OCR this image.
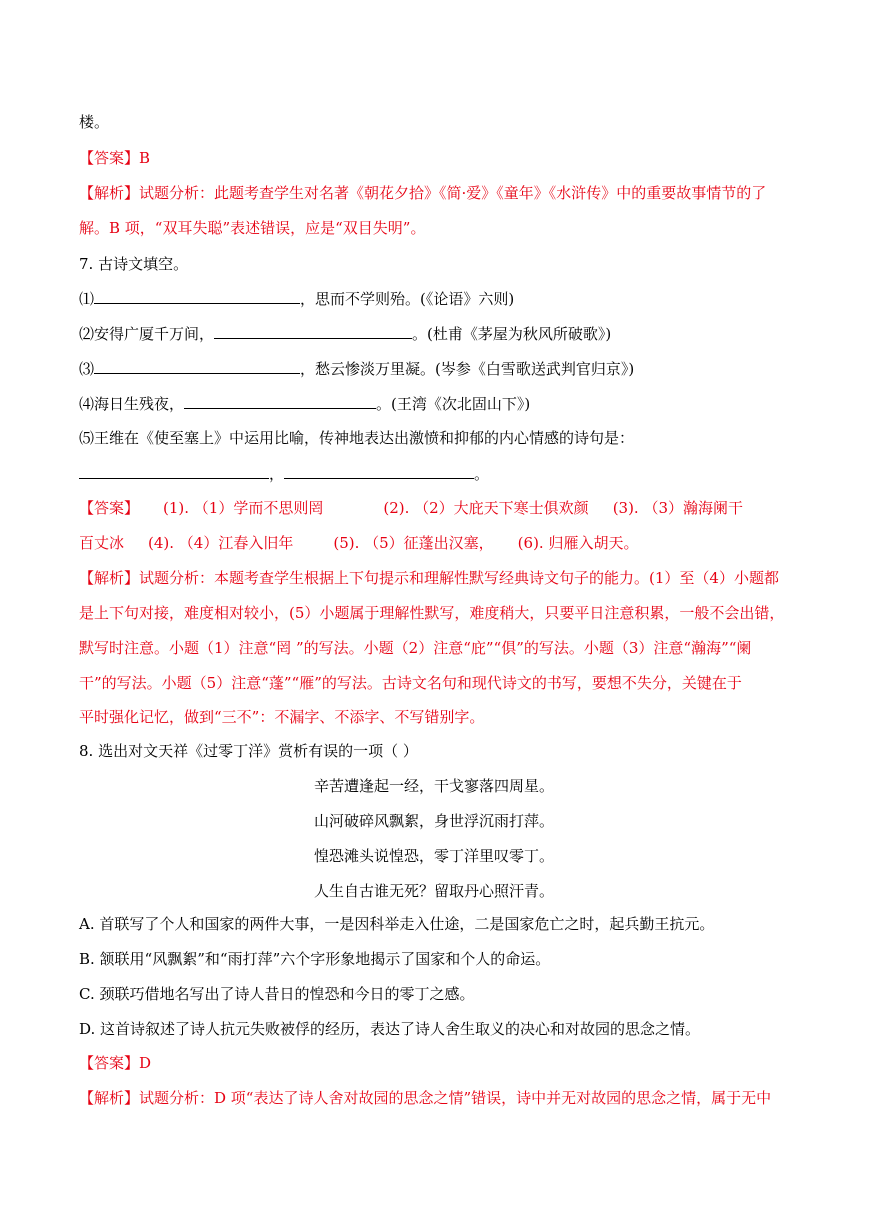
楼。
【答案】B
【解析】试题分析：此题考查学生对名著《朝花夕拾》《简·爱》《童年》《水浒传》中的重要故事情节的了
解。B 项，“双耳失聪”表述错误，应是“双目失明”。
7. 古诗文填空。
⑴	，思而不学则殆。(《论语》六则)
⑵安得广厦千万间，	。(杜甫《茅屋为秋风所破歌》)
⑶	，愁云惨淡万里凝。(岑参《白雪歌送武判官归京》)
⑷海日生残夜，	。(王湾《次北固山下》)
⑸王维在《使至塞上》中运用比喻，传神地表达出激愤和抑郁的内心情感的诗句是：
，	。
【答案】 (1). （1）学而不思则罔	(2). （2）大庇天下寒士俱欢颜 (3). （3）瀚海阑干
百丈冰 (4). （4）江春入旧年	(5). （5）征蓬出汉塞， (6). 归雁入胡天。
【解析】试题分析：本题考查学生根据上下句提示和理解性默写经典诗文句子的能力。(1）至（4）小题都
是上下句对接，难度相对较小，(5）小题属于理解性默写，难度稍大，只要平日注意积累，一般不会出错，
默写时注意。小题（1）注意“罔 ”的写法。小题（2）注意“庇”“俱”的写法。小题（3）注意“瀚海”“阑
干”的写法。小题（5）注意“蓬”“雁”的写法。古诗文名句和现代诗文的书写，要想不失分，关键在于
平时强化记忆，做到“三不”：不漏字、不添字、不写错别字。
8. 选出对文天祥《过零丁洋》赏析有误的一项（ ）
辛苦遭逢起一经，干戈寥落四周星。
山河破碎风飘絮，身世浮沉雨打萍。
惶恐滩头说惶恐，零丁洋里叹零丁。
人生自古谁无死？留取丹心照汗青。
A. 首联写了个人和国家的两件大事，一是因科举走入仕途，二是国家危亡之时，起兵勤王抗元。
B. 颔联用“风飘絮”和“雨打萍”六个字形象地揭示了国家和个人的命运。
C. 颈联巧借地名写出了诗人昔日的惶恐和今日的零丁之感。
D. 这首诗叙述了诗人抗元失败被俘的经历，表达了诗人舍生取义的决心和对故园的思念之情。
【答案】D
【解析】试题分析：D 项“表达了诗人舍对故园的思念之情”错误，诗中并无对故园的思念之情，属于无中
